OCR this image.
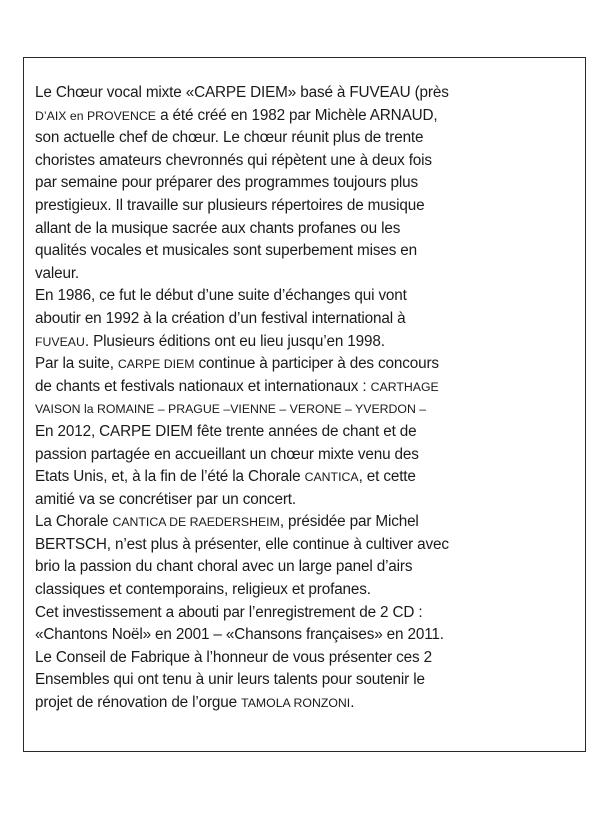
Le Chœur vocal mixte «CARPE DIEM» basé à FUVEAU (près
D’AIX en PROVENCE a été créé en 1982 par Michèle ARNAUD,
son actuelle chef de chœur. Le chœur réunit plus de trente
choristes amateurs chevronnés qui répètent une à deux fois
par semaine pour préparer des programmes toujours plus
prestigieux. Il travaille sur plusieurs répertoires de musique
allant de la musique sacrée aux chants profanes ou les
qualités vocales et musicales sont superbement mises en
valeur.
En 1986, ce fut le début d’une suite d’échanges qui vont
aboutir en 1992 à la création d’un festival international à
FUVEAU. Plusieurs éditions ont eu lieu jusqu’en 1998.
Par la suite, CARPE DIEM continue à participer à des concours
de chants et festivals nationaux et internationaux : CARTHAGE
VAISON la ROMAINE – PRAGUE –VIENNE – VERONE – YVERDON –
En 2012, CARPE DIEM fête trente années de chant et de
passion partagée en accueillant un chœur mixte venu des
Etats Unis, et, à la fin de l’été la Chorale CANTICA, et cette
amitié va se concrétiser par un concert.
La Chorale CANTICA DE RAEDERSHEIM, présidée par Michel
BERTSCH, n’est plus à présenter, elle continue à cultiver avec
brio la passion du chant choral avec un large panel d’airs
classiques et contemporains, religieux et profanes.
Cet investissement a abouti par l’enregistrement de 2 CD :
«Chantons Noël» en 2001 – «Chansons françaises» en 2011.
Le Conseil de Fabrique à l’honneur de vous présenter ces 2
Ensembles qui ont tenu à unir leurs talents pour soutenir le
projet de rénovation de l’orgue TAMOLA RONZONI.
